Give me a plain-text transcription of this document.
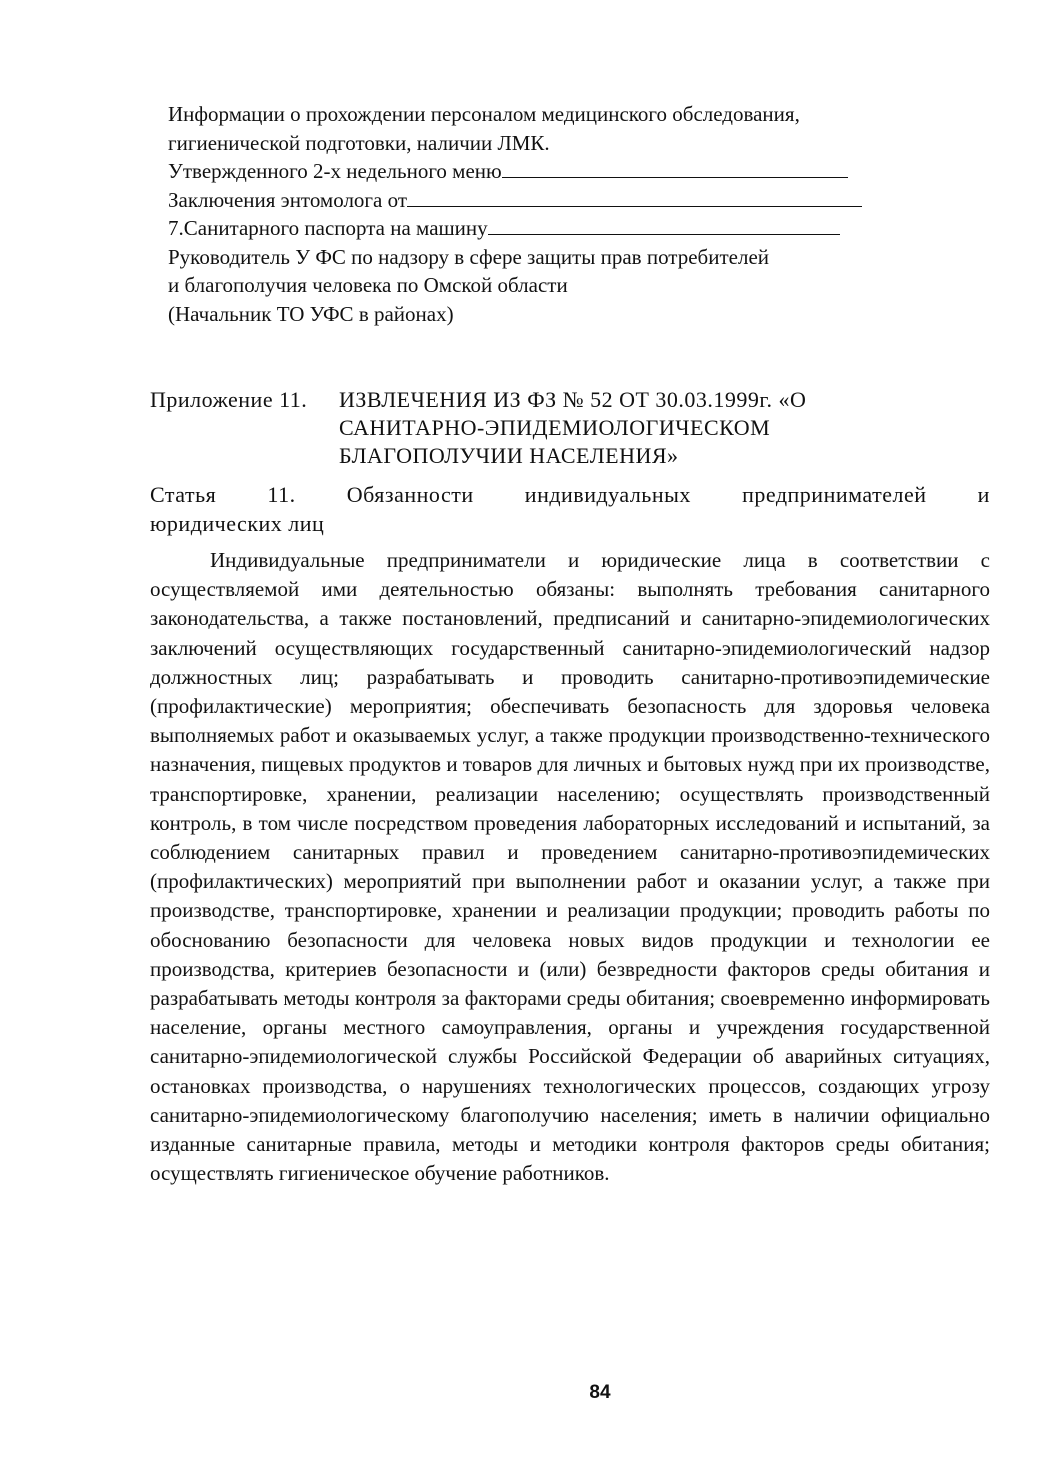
Информации о прохождении персоналом медицинского обследования,
гигиенической подготовки, наличии ЛМК.
Утвержденного 2-х недельного меню
Заключения энтомолога от
7.Санитарного паспорта на машину
Руководитель У ФС по надзору в сфере защиты прав потребителей
и благополучия человека по Омской области
(Начальник ТО УФС в районах)
Приложение 11. ИЗВЛЕЧЕНИЯ ИЗ ФЗ № 52 ОТ 30.03.1999г. «О
САНИТАРНО-ЭПИДЕМИОЛОГИЧЕСКОМ
БЛАГОПОЛУЧИИ НАСЕЛЕНИЯ»
Статья 11. Обязанности индивидуальных предпринимателей и
юридических лиц
Индивидуальные предприниматели и юридические лица в соответствии с осуществляемой ими деятельностью обязаны: выполнять требования санитарного законодательства, а также постановлений, предписаний и санитарно-эпидемиологических заключений осуществляющих государственный санитарно-эпидемиологический надзор должностных лиц; разрабатывать и проводить санитарно-противоэпидемические (профилактические) мероприятия; обеспечивать безопасность для здоровья человека выполняемых работ и оказываемых услуг, а также продукции производственно-технического назначения, пищевых продуктов и товаров для личных и бытовых нужд при их производстве, транспортировке, хранении, реализации населению; осуществлять производственный контроль, в том числе посредством проведения лабораторных исследований и испытаний, за соблюдением санитарных правил и проведением санитарно-противоэпидемических (профилактических) мероприятий при выполнении работ и оказании услуг, а также при производстве, транспортировке, хранении и реализации продукции; проводить работы по обоснованию безопасности для человека новых видов продукции и технологии ее производства, критериев безопасности и (или) безвредности факторов среды обитания и разрабатывать методы контроля за факторами среды обитания; своевременно информировать население, органы местного самоуправления, органы и учреждения государственной санитарно-эпидемиологической службы Российской Федерации об аварийных ситуациях, остановках производства, о нарушениях технологических процессов, создающих угрозу санитарно-эпидемиологическому благополучию населения; иметь в наличии официально изданные санитарные правила, методы и методики контроля факторов среды обитания; осуществлять гигиеническое обучение работников.
84
